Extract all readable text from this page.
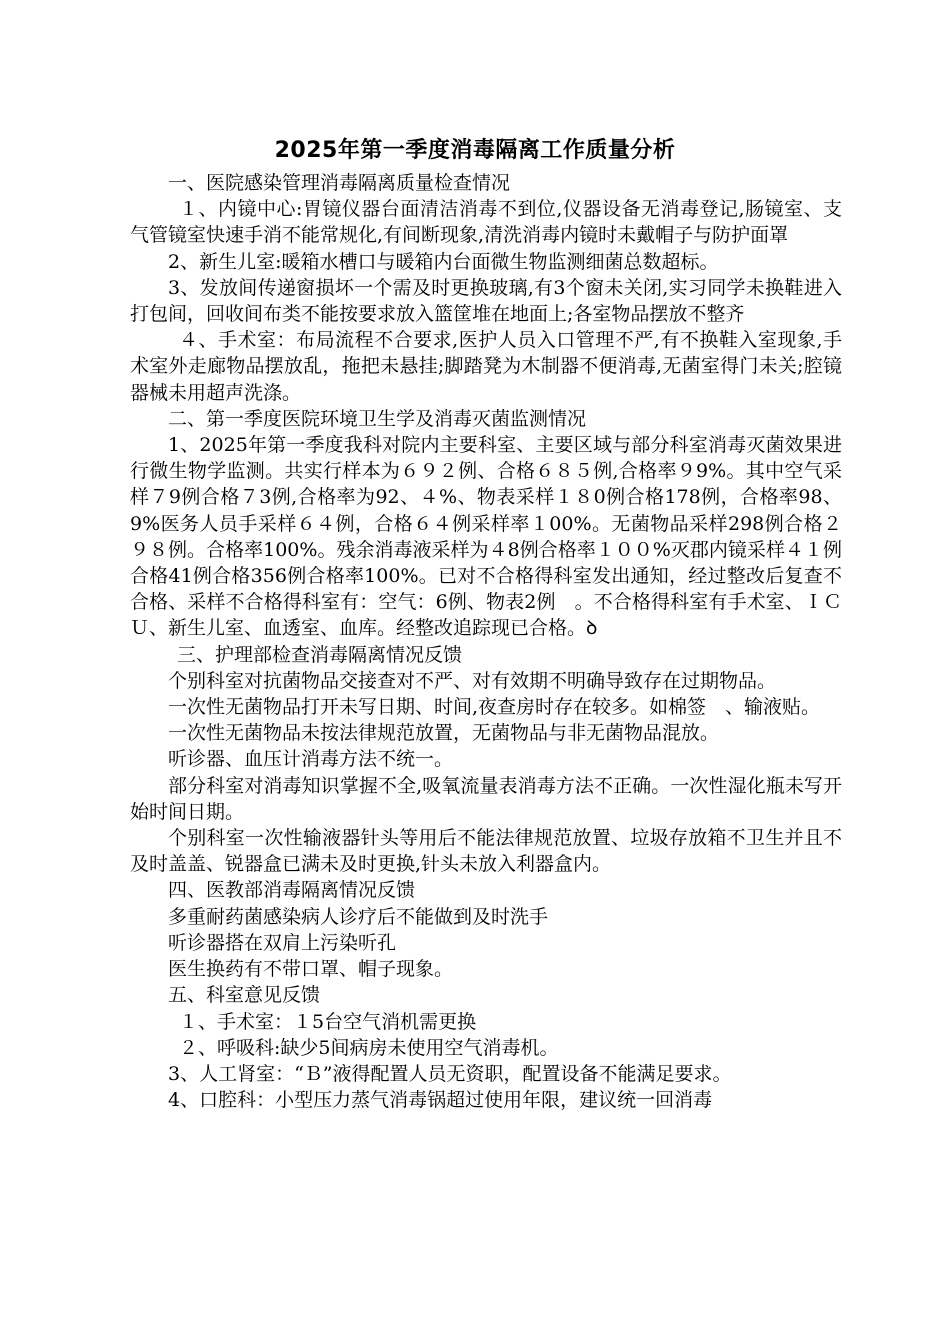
2025年第一季度消毒隔离工作质量分析

一、医院感染管理消毒隔离质量检查情况

１、内镜中心:胃镜仪器台面清洁消毒不到位,仪器设备无消毒登记,肠镜室、支气管镜室快速手消不能常规化,有间断现象,清洗消毒内镜时未戴帽子与防护面罩

2、新生儿室:暖箱水槽口与暖箱内台面微生物监测细菌总数超标。

3、发放间传递窗损坏一个需及时更换玻璃,有3个窗未关闭,实习同学未换鞋进入打包间，回收间布类不能按要求放入篮筐堆在地面上;各室物品摆放不整齐

４、手术室：布局流程不合要求,医护人员入口管理不严,有不换鞋入室现象,手术室外走廊物品摆放乱，拖把未悬挂;脚踏凳为木制器不便消毒,无菌室得门未关;腔镜器械未用超声洗涤。

二、第一季度医院环境卫生学及消毒灭菌监测情况

1、2025年第一季度我科对院内主要科室、主要区域与部分科室消毒灭菌效果进行微生物学监测。共实行样本为６９２例、合格６８５例,合格率９9%。其中空气采样７9例合格７3例,合格率为92、４%、物表采样１８0例合格178例，合格率98、9%医务人员手采样６４例，合格６４例采样率１00%。无菌物品采样298例合格２９８例。合格率100%。残余消毒液采样为４8例合格率１００%灭郡内镜采样４１例合格41例合格356例合格率100%。已对不合格得科室发出通知，经过整改后复查不合格、采样不合格得科室有：空气：6例、物表2例　。不合格得科室有手术室、ＩＣＵ、新生儿室、血透室、血库。经整改追踪现已合格。ꝺ

三、护理部检查消毒隔离情况反馈

个别科室对抗菌物品交接查对不严、对有效期不明确导致存在过期物品。

一次性无菌物品打开未写日期、时间,夜查房时存在较多。如棉签　、输液贴。

一次性无菌物品未按法律规范放置，无菌物品与非无菌物品混放。

听诊器、血压计消毒方法不统一。

部分科室对消毒知识掌握不全,吸氧流量表消毒方法不正确。一次性湿化瓶未写开始时间日期。

个别科室一次性输液器针头等用后不能法律规范放置、垃圾存放箱不卫生并且不及时盖盖、锐器盒已满未及时更换,针头未放入利器盒内。

四、医教部消毒隔离情况反馈

多重耐药菌感染病人诊疗后不能做到及时洗手

听诊器搭在双肩上污染听孔

医生换药有不带口罩、帽子现象。

五、科室意见反馈

１、手术室：１5台空气消机需更换

２、呼吸科:缺少5间病房未使用空气消毒机。

3、人工肾室：“Ｂ”液得配置人员无资职，配置设备不能满足要求。

4、口腔科：小型压力蒸气消毒锅超过使用年限，建议统一回消毒
